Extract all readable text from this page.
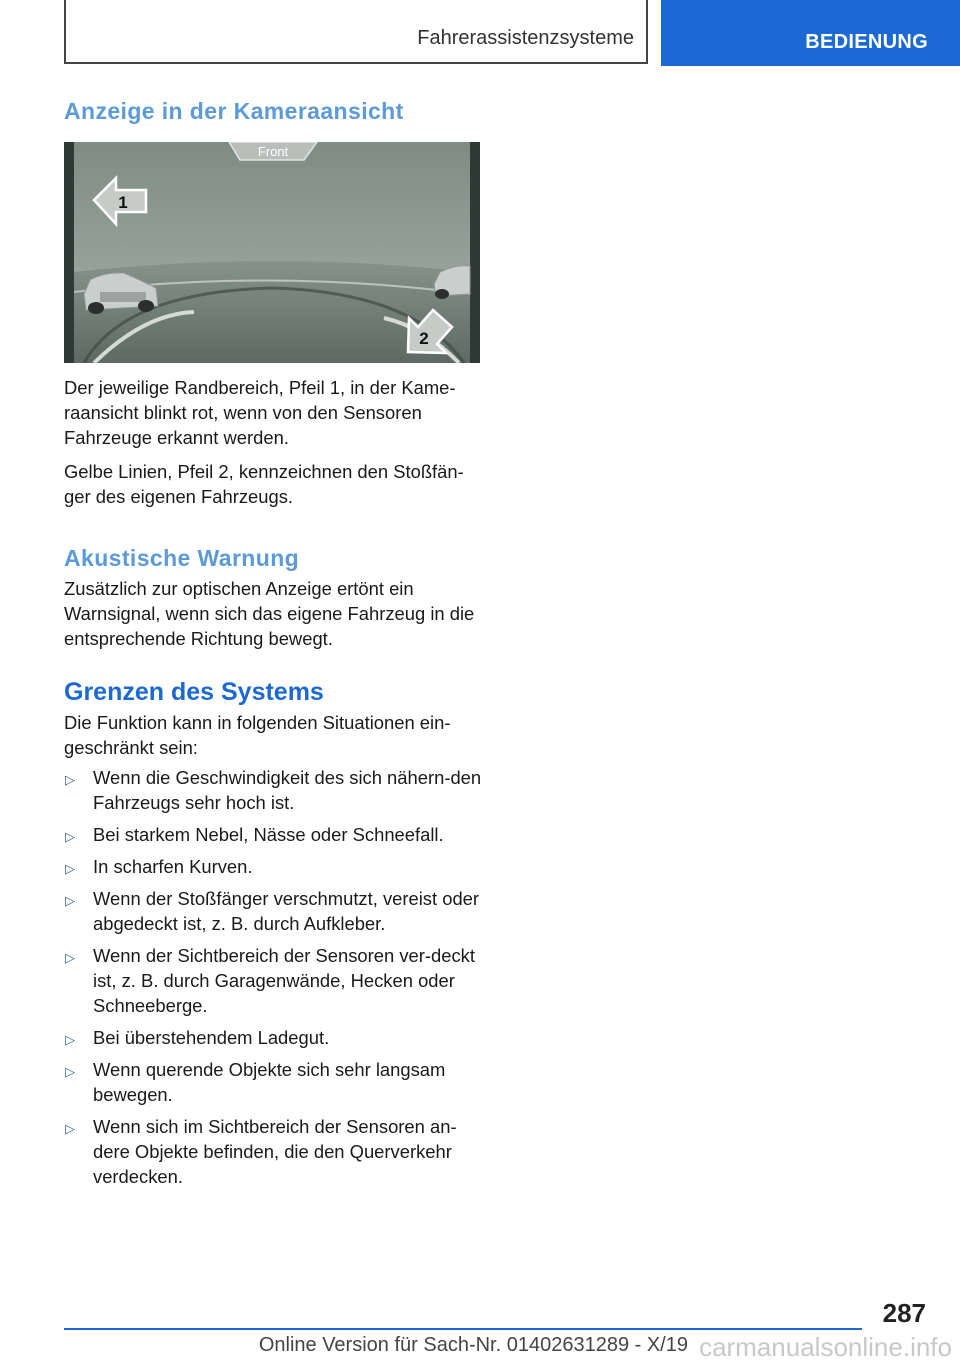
Fahrerassistenzsysteme	BEDIENUNG
Anzeige in der Kameraansicht
Front
1
2

Der jeweilige Randbereich, Pfeil 1, in der Kame-raansicht blinkt rot, wenn von den Sensoren Fahrzeuge erkannt werden.

Gelbe Linien, Pfeil 2, kennzeichnen den Stoßfän-ger des eigenen Fahrzeugs.

Akustische Warnung

Zusätzlich zur optischen Anzeige ertönt ein Warnsignal, wenn sich das eigene Fahrzeug in die entsprechende Richtung bewegt.

Grenzen des Systems

Die Funktion kann in folgenden Situationen ein-geschränkt sein:

▷ Wenn die Geschwindigkeit des sich nähern-den Fahrzeugs sehr hoch ist.
▷ Bei starkem Nebel, Nässe oder Schneefall.
▷ In scharfen Kurven.
▷ Wenn der Stoßfänger verschmutzt, vereist oder abgedeckt ist, z. B. durch Aufkleber.
▷ Wenn der Sichtbereich der Sensoren ver-deckt ist, z. B. durch Garagenwände, Hecken oder Schneeberge.
▷ Bei überstehendem Ladegut.
▷ Wenn querende Objekte sich sehr langsam bewegen.
▷ Wenn sich im Sichtbereich der Sensoren an-dere Objekte befinden, die den Querverkehr verdecken.
287
Online Version für Sach-Nr. 01402631289 - X/19 carmanualsonline.info
